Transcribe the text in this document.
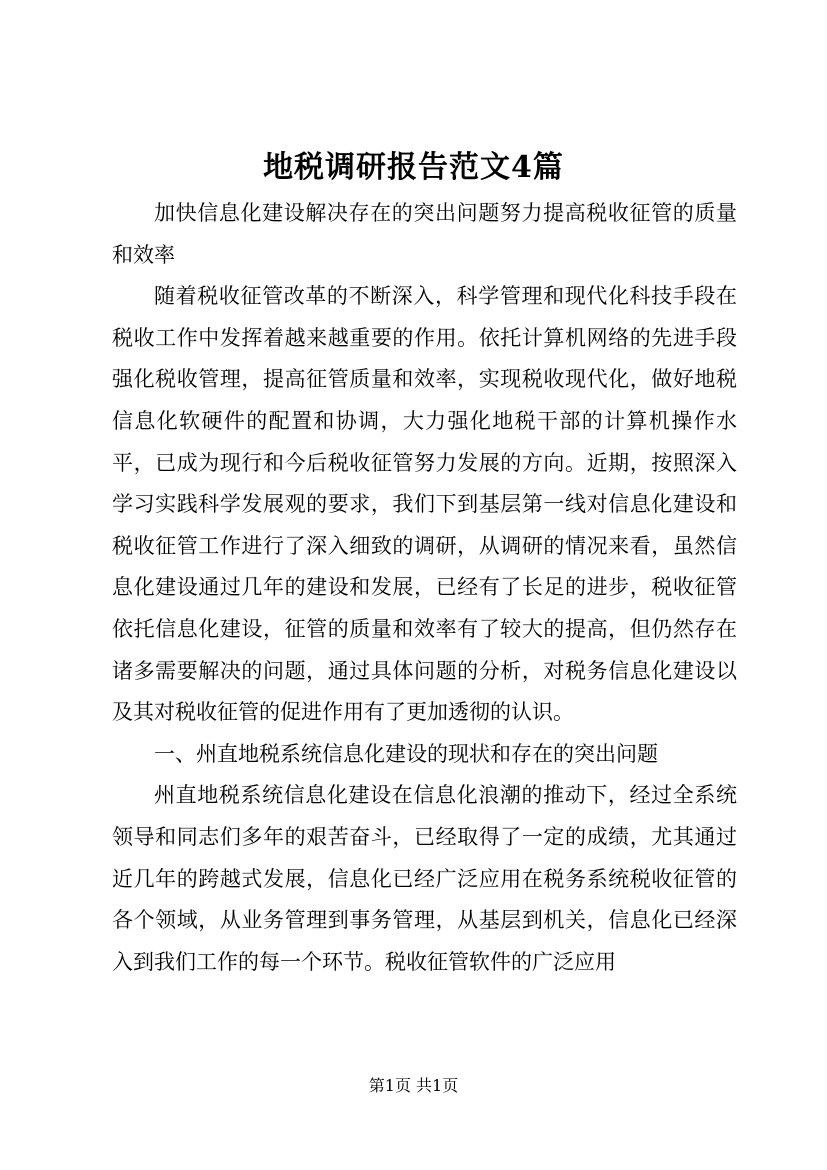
地税调研报告范文4篇

加快信息化建设解决存在的突出问题努力提高税收征管的质量和效率

随着税收征管改革的不断深入，科学管理和现代化科技手段在税收工作中发挥着越来越重要的作用。依托计算机网络的先进手段强化税收管理，提高征管质量和效率，实现税收现代化，做好地税信息化软硬件的配置和协调，大力强化地税干部的计算机操作水平，已成为现行和今后税收征管努力发展的方向。近期，按照深入学习实践科学发展观的要求，我们下到基层第一线对信息化建设和税收征管工作进行了深入细致的调研，从调研的情况来看，虽然信息化建设通过几年的建设和发展，已经有了长足的进步，税收征管依托信息化建设，征管的质量和效率有了较大的提高，但仍然存在诸多需要解决的问题，通过具体问题的分析，对税务信息化建设以及其对税收征管的促进作用有了更加透彻的认识。

一、州直地税系统信息化建设的现状和存在的突出问题

州直地税系统信息化建设在信息化浪潮的推动下，经过全系统领导和同志们多年的艰苦奋斗，已经取得了一定的成绩，尤其通过近几年的跨越式发展，信息化已经广泛应用在税务系统税收征管的各个领域，从业务管理到事务管理，从基层到机关，信息化已经深入到我们工作的每一个环节。税收征管软件的广泛应用

第1页 共1页
